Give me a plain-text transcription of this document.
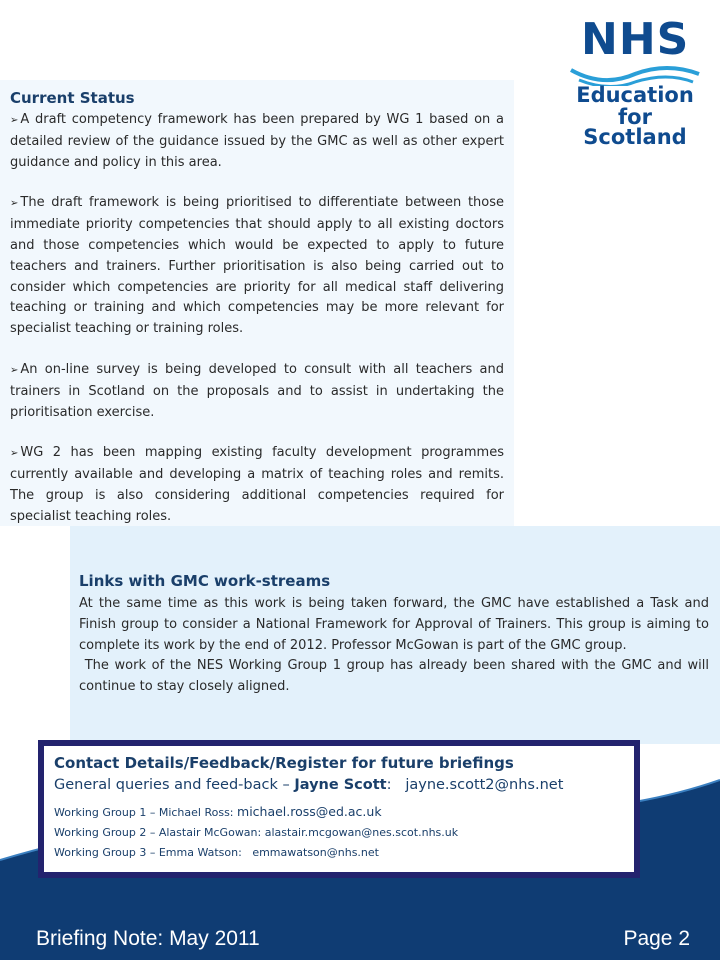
NHS
Education
for
Scotland
Current Status

➢ A draft competency framework has been prepared by WG 1 based on a detailed review of the guidance issued by the GMC as well as other expert guidance and policy in this area.

➢ The draft framework is being prioritised to differentiate between those immediate priority competencies that should apply to all existing doctors and those competencies which would be expected to apply to future teachers and trainers. Further prioritisation is also being carried out to consider which competencies are priority for all medical staff delivering teaching or training and which competencies may be more relevant for specialist teaching or training roles.

➢ An on-line survey is being developed to consult with all teachers and trainers in Scotland on the proposals and to assist in undertaking the prioritisation exercise.

➢ WG 2 has been mapping existing faculty development programmes currently available and developing a matrix of teaching roles and remits. The group is also considering additional competencies required for specialist teaching roles.

Links with GMC work-streams

At the same time as this work is being taken forward, the GMC have established a Task and Finish group to consider a National Framework for Approval of Trainers. This group is aiming to complete its work by the end of 2012. Professor McGowan is part of the GMC group.

The work of the NES Working Group 1 group has already been shared with the GMC and will continue to stay closely aligned.

Contact Details/Feedback/Register for future briefings
General queries and feed-back – Jayne Scott: jayne.scott2@nhs.net
Working Group 1 – Michael Ross: michael.ross@ed.ac.uk
Working Group 2 – Alastair McGowan: alastair.mcgowan@nes.scot.nhs.uk
Working Group 3 – Emma Watson:   emmawatson@nhs.net
Briefing Note: May 2011	Page 2
